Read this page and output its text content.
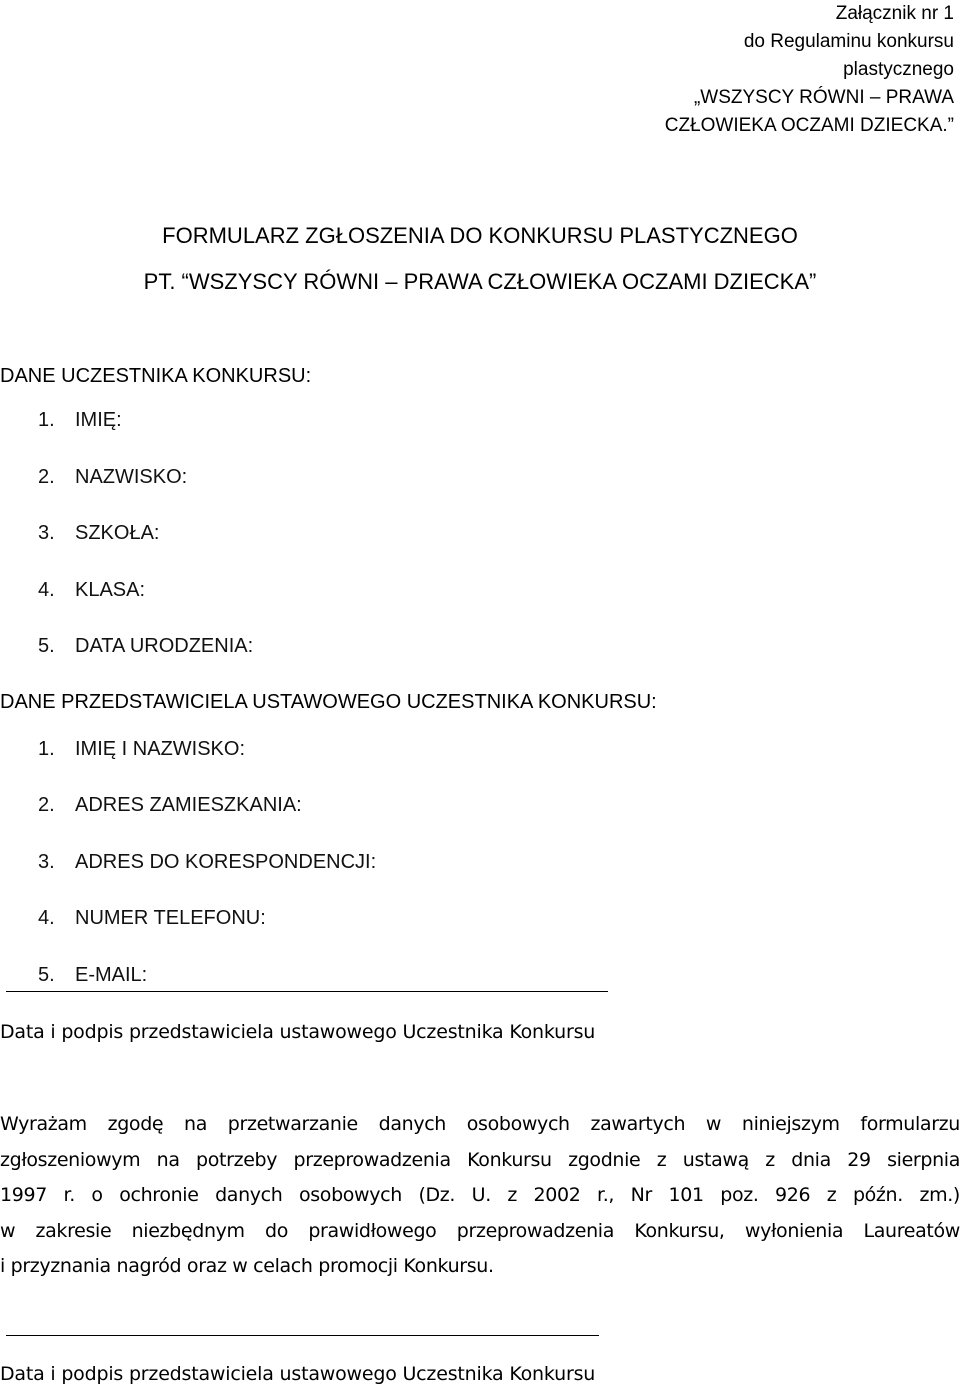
Załącznik nr 1
do Regulaminu konkursu
plastycznego
„WSZYSCY RÓWNI – PRAWA
CZŁOWIEKA OCZAMI DZIECKA.”
FORMULARZ ZGŁOSZENIA DO KONKURSU PLASTYCZNEGO
PT. “WSZYSCY RÓWNI – PRAWA CZŁOWIEKA OCZAMI DZIECKA”
DANE UCZESTNIKA KONKURSU:
1. IMIĘ:
2. NAZWISKO:
3. SZKOŁA:
4. KLASA:
5. DATA URODZENIA:
DANE PRZEDSTAWICIELA USTAWOWEGO UCZESTNIKA KONKURSU:
1. IMIĘ I NAZWISKO:
2. ADRES ZAMIESZKANIA:
3. ADRES DO KORESPONDENCJI:
4. NUMER TELEFONU:
5. E-MAIL:
Data i podpis przedstawiciela ustawowego Uczestnika Konkursu
Wyrażam zgodę na przetwarzanie danych osobowych zawartych w niniejszym formularzu
zgłoszeniowym na potrzeby przeprowadzenia Konkursu zgodnie z ustawą z dnia 29 sierpnia
1997 r. o ochronie danych osobowych (Dz. U. z 2002 r., Nr 101 poz. 926 z późn. zm.)
w zakresie niezbędnym do prawidłowego przeprowadzenia Konkursu, wyłonienia Laureatów
i przyznania nagród oraz w celach promocji Konkursu.
Data i podpis przedstawiciela ustawowego Uczestnika Konkursu
